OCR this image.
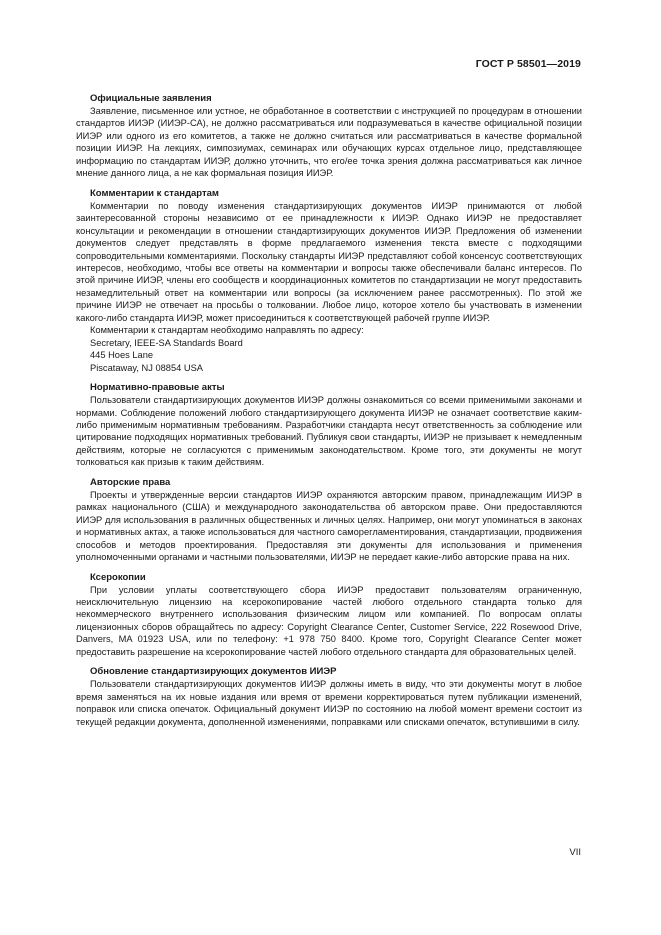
ГОСТ Р 58501—2019
Официальные заявления

Заявление, письменное или устное, не обработанное в соответствии с инструкцией по процедурам в отношении стандартов ИИЭР (ИИЭР-СА), не должно рассматриваться или подразумеваться в качестве официальной позиции ИИЭР или одного из его комитетов, а также не должно считаться или рассматриваться в качестве формальной позиции ИИЭР. На лекциях, симпозиумах, семинарах или обучающих курсах отдельное лицо, представляющее информацию по стандартам ИИЭР, должно уточнить, что его/ее точка зрения должна рассматриваться как личное мнение данного лица, а не как формальная позиция ИИЭР.

Комментарии к стандартам

Комментарии по поводу изменения стандартизирующих документов ИИЭР принимаются от любой заинтересованной стороны независимо от ее принадлежности к ИИЭР. Однако ИИЭР не предоставляет консультации и рекомендации в отношении стандартизирующих документов ИИЭР. Предложения об изменении документов следует представлять в форме предлагаемого изменения текста вместе с подходящими сопроводительными комментариями. Поскольку стандарты ИИЭР представляют собой консенсус соответствующих интересов, необходимо, чтобы все ответы на комментарии и вопросы также обеспечивали баланс интересов. По этой причине ИИЭР, члены его сообществ и координационных комитетов по стандартизации не могут предоставить незамедлительный ответ на комментарии или вопросы (за исключением ранее рассмотренных). По этой же причине ИИЭР не отвечает на просьбы о толковании. Любое лицо, которое хотело бы участвовать в изменении какого-либо стандарта ИИЭР, может присоединиться к соответствующей рабочей группе ИИЭР.

Комментарии к стандартам необходимо направлять по адресу:

Secretary, IEEE-SA Standards Board
445 Hoes Lane
Piscataway, NJ 08854 USA
Нормативно-правовые акты

Пользователи стандартизирующих документов ИИЭР должны ознакомиться со всеми применимыми законами и нормами. Соблюдение положений любого стандартизирующего документа ИИЭР не означает соответствие каким-либо применимым нормативным требованиям. Разработчики стандарта несут ответственность за соблюдение или цитирование подходящих нормативных требований. Публикуя свои стандарты, ИИЭР не призывает к немедленным действиям, которые не согласуются с применимым законодательством. Кроме того, эти документы не могут толковаться как призыв к таким действиям.

Авторские права

Проекты и утвержденные версии стандартов ИИЭР охраняются авторским правом, принадлежащим ИИЭР в рамках национального (США) и международного законодательства об авторском праве. Они предоставляются ИИЭР для использования в различных общественных и личных целях. Например, они могут упоминаться в законах и нормативных актах, а также использоваться для частного саморегламентирования, стандартизации, продвижения способов и методов проектирования. Предоставляя эти документы для использования и применения уполномоченными органами и частными пользователями, ИИЭР не передает какие-либо авторские права на них.

Ксерокопии

При условии уплаты соответствующего сбора ИИЭР предоставит пользователям ограниченную, неисключительную лицензию на ксерокопирование частей любого отдельного стандарта только для некоммерческого внутреннего использования физическим лицом или компанией. По вопросам оплаты лицензионных сборов обращайтесь по адресу: Copyright Clearance Center, Customer Service, 222 Rosewood Drive, Danvers, MA 01923 USA, или по телефону: +1 978 750 8400. Кроме того, Copyright Clearance Center может предоставить разрешение на ксерокопирование частей любого отдельного стандарта для образовательных целей.

Обновление стандартизирующих документов ИИЭР

Пользователи стандартизирующих документов ИИЭР должны иметь в виду, что эти документы могут в любое время заменяться на их новые издания или время от времени корректироваться путем публикации изменений, поправок или списка опечаток. Официальный документ ИИЭР по состоянию на любой момент времени состоит из текущей редакции документа, дополненной изменениями, поправками или списками опечаток, вступившими в силу.

VII
